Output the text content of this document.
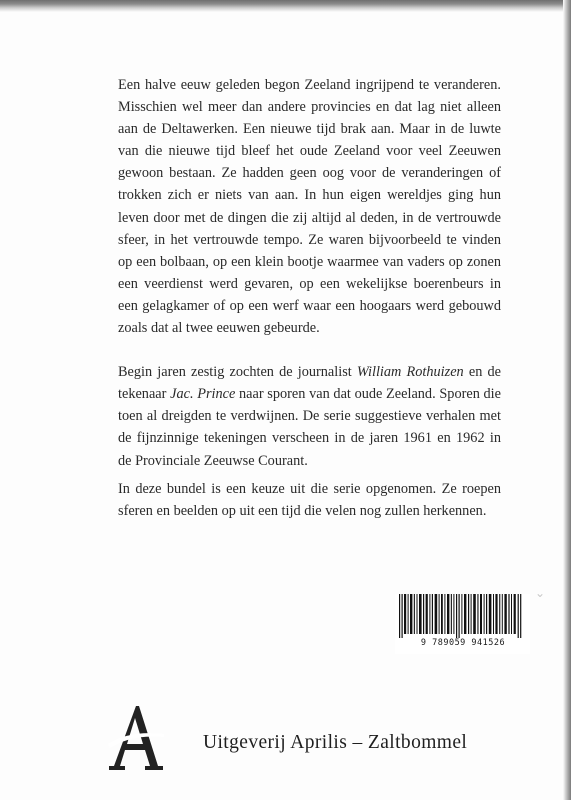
Een halve eeuw geleden begon Zeeland ingrijpend te veranderen. Misschien wel meer dan andere provincies en dat lag niet alleen aan de Deltawerken. Een nieuwe tijd brak aan. Maar in de luwte van die nieuwe tijd bleef het oude Zeeland voor veel Zeeuwen gewoon bestaan. Ze hadden geen oog voor de veranderingen of trokken zich er niets van aan. In hun eigen wereldjes ging hun leven door met de dingen die zij altijd al deden, in de vertrouwde sfeer, in het vertrouwde tempo. Ze waren bijvoorbeeld te vinden op een bolbaan, op een klein bootje waarmee van vaders op zonen een veerdienst werd gevaren, op een wekelijkse boerenbeurs in een gelagkamer of op een werf waar een hoogaars werd gebouwd zoals dat al twee eeuwen gebeurde.

Begin jaren zestig zochten de journalist William Rothuizen en de tekenaar Jac. Prince naar sporen van dat oude Zeeland. Sporen die toen al dreigden te verdwijnen. De serie suggestieve verhalen met de fijnzinnige tekeningen verscheen in de jaren 1961 en 1962 in de Provinciale Zeeuwse Courant.

In deze bundel is een keuze uit die serie opgenomen. Ze roepen sferen en beelden op uit een tijd die velen nog zullen herkennen.

⌄
9 789059 941526
Uitgeverij Aprilis – Zaltbommel
